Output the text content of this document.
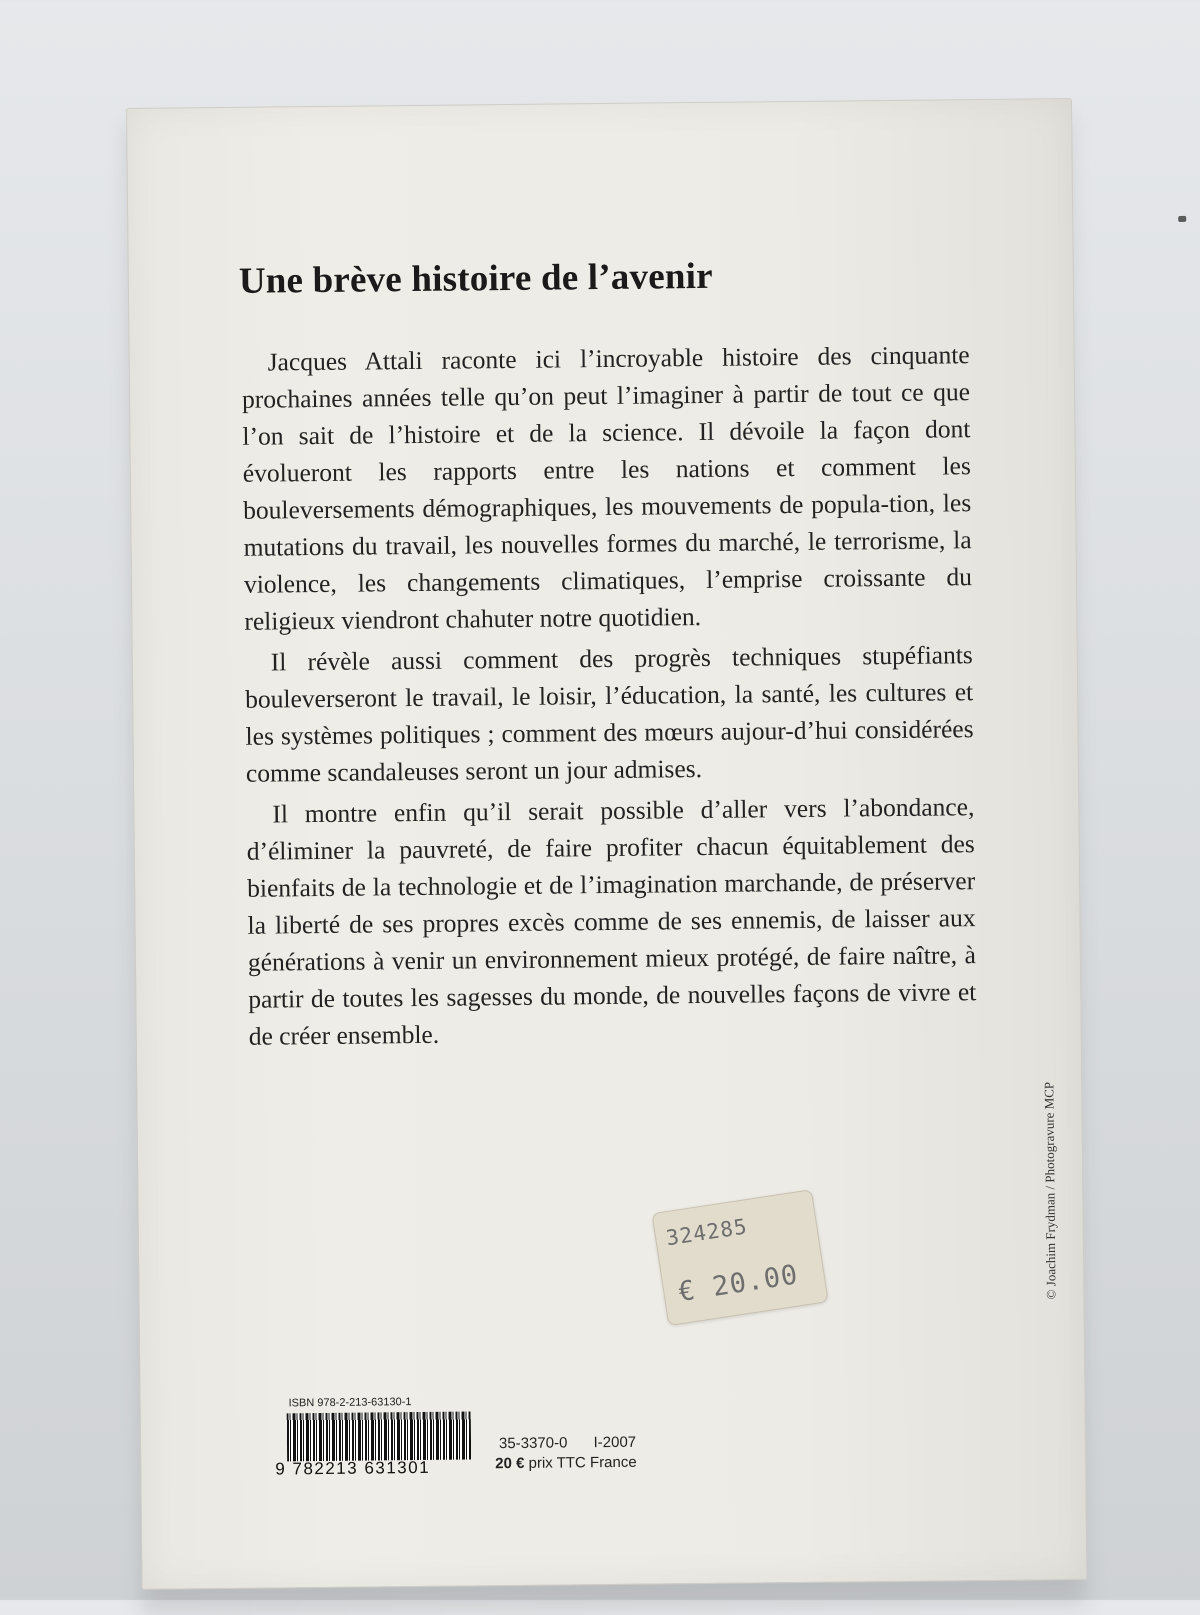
Une brève histoire de l’avenir

Jacques Attali raconte ici l’incroyable histoire des cinquante prochaines années telle qu’on peut l’imaginer à partir de tout ce que l’on sait de l’histoire et de la science. Il dévoile la façon dont évolueront les rapports entre les nations et comment les bouleversements démographiques, les mouvements de popula-tion, les mutations du travail, les nouvelles formes du marché, le terrorisme, la violence, les changements climatiques, l’emprise croissante du religieux viendront chahuter notre quotidien.

Il révèle aussi comment des progrès techniques stupéfiants bouleverseront le travail, le loisir, l’éducation, la santé, les cultures et les systèmes politiques ; comment des mœurs aujour-d’hui considérées comme scandaleuses seront un jour admises.

Il montre enfin qu’il serait possible d’aller vers l’abondance, d’éliminer la pauvreté, de faire profiter chacun équitablement des bienfaits de la technologie et de l’imagination marchande, de préserver la liberté de ses propres excès comme de ses ennemis, de laisser aux générations à venir un environnement mieux protégé, de faire naître, à partir de toutes les sagesses du monde, de nouvelles façons de vivre et de créer ensemble.

324285
€ 20.00
ISBN 978-2-213-63130-1
9 782213 631301
35-3370-0 I-2007
20 € prix TTC France
© Joachim Frydman / Photogravure MCP
